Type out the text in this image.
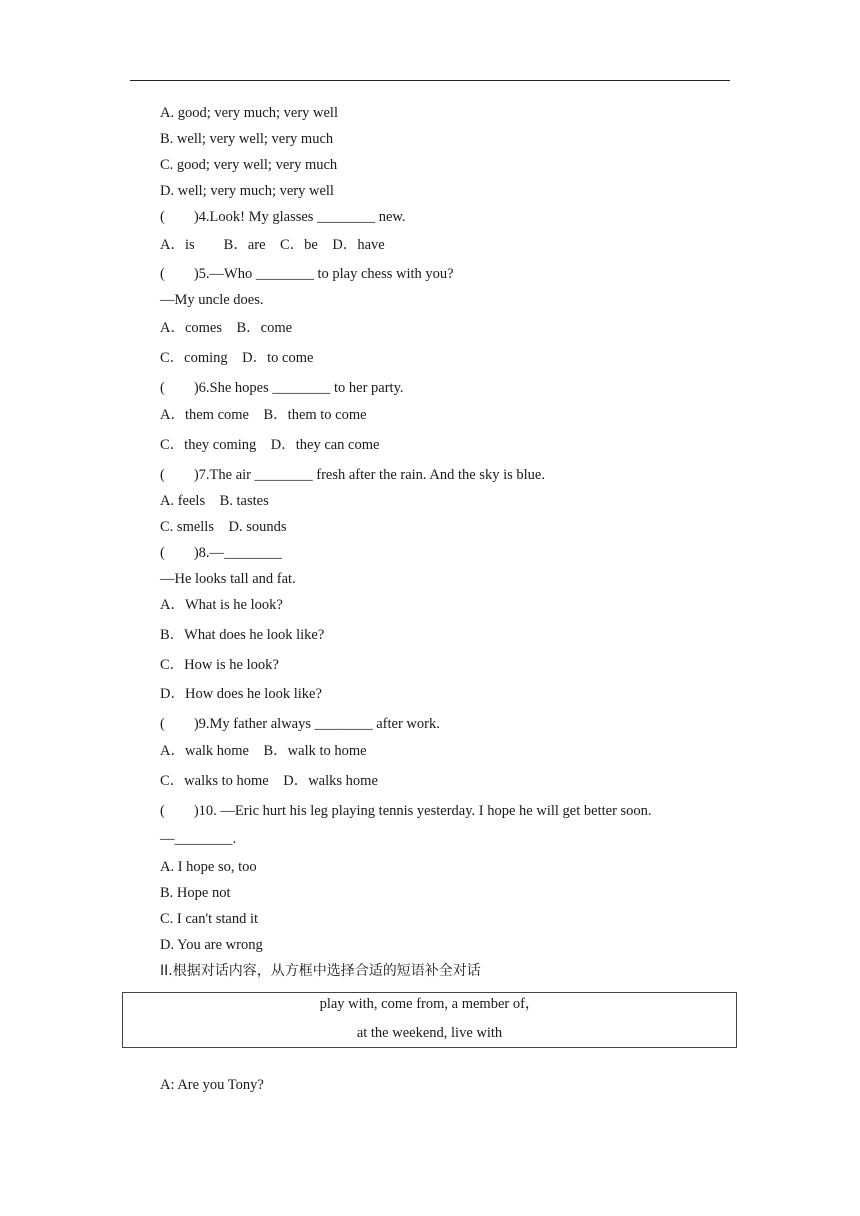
A. good; very much; very well
B. well; very well; very much
C. good; very well; very much
D. well; very much; very well
(        )4.Look! My glasses ________ new.
A．is        B．are    C．be    D．have
(        )5.—Who ________ to play chess with you?
—My uncle does.
A．comes    B．come
C．coming    D．to come
(        )6.She hopes ________ to her party.
A．them come    B．them to come
C．they coming    D．they can come
(        )7.The air ________ fresh after the rain. And the sky is blue.
A. feels    B. tastes
C. smells    D. sounds
(        )8.—________
—He looks tall and fat.
A．What is he look?
B．What does he look like?
C．How is he look?
D．How does he look like?
(        )9.My father always ________ after work.
A．walk home    B．walk to home
C．walks to home    D．walks home
(        )10. —Eric hurt his leg playing tennis yesterday. I hope he will get better soon.
—________.
A. I hope so, too
B. Hope not
C. I can't stand it
D. You are wrong
II.根据对话内容，从方框中选择合适的短语补全对话
play with, come from, a member of，
at the weekend, live with
A: Are you Tony?
